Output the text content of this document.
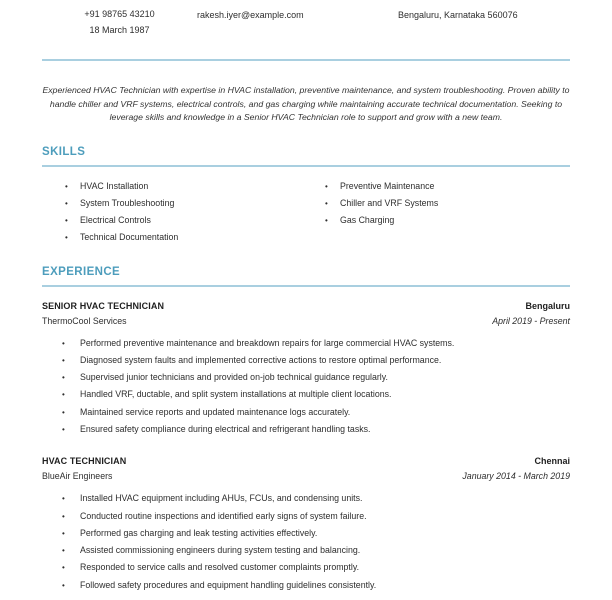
+91 98765 43210
18 March 1987
rakesh.iyer@example.com	Bengaluru, Karnataka 560076

Experienced HVAC Technician with expertise in HVAC installation, preventive maintenance, and system troubleshooting. Proven ability to handle chiller and VRF systems, electrical controls, and gas charging while maintaining accurate technical documentation. Seeking to leverage skills and knowledge in a Senior HVAC Technician role to support and grow with a new team.

SKILLS
• HVAC Installation
• System Troubleshooting
• Electrical Controls
• Technical Documentation
• Preventive Maintenance
• Chiller and VRF Systems
• Gas Charging
EXPERIENCE
SENIOR HVAC TECHNICIAN	Bengaluru
ThermoCool Services	April 2019 - Present
• Performed preventive maintenance and breakdown repairs for large commercial HVAC systems.
• Diagnosed system faults and implemented corrective actions to restore optimal performance.
• Supervised junior technicians and provided on-job technical guidance regularly.
• Handled VRF, ductable, and split system installations at multiple client locations.
• Maintained service reports and updated maintenance logs accurately.
• Ensured safety compliance during electrical and refrigerant handling tasks.
HVAC TECHNICIAN	Chennai
BlueAir Engineers	January 2014 - March 2019
• Installed HVAC equipment including AHUs, FCUs, and condensing units.
• Conducted routine inspections and identified early signs of system failure.
• Performed gas charging and leak testing activities effectively.
• Assisted commissioning engineers during system testing and balancing.
• Responded to service calls and resolved customer complaints promptly.
• Followed safety procedures and equipment handling guidelines consistently.
